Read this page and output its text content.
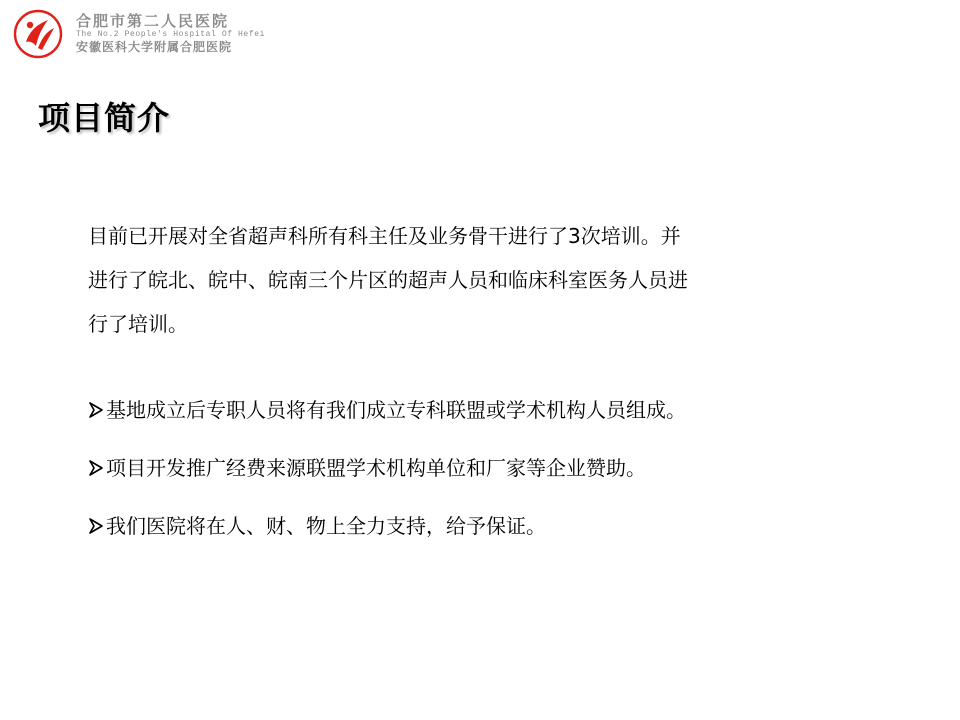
合肥市第二人民医院
The No.2 People's Hospital Of Hefei
安徽医科大学附属合肥医院
项目简介

目前已开展对全省超声科所有科主任及业务骨干进行了3次培训。并
进行了皖北、皖中、皖南三个片区的超声人员和临床科室医务人员进
行了培训。

基地成立后专职人员将有我们成立专科联盟或学术机构人员组成。
项目开发推广经费来源联盟学术机构单位和厂家等企业赞助。
我们医院将在人、财、物上全力支持，给予保证。
